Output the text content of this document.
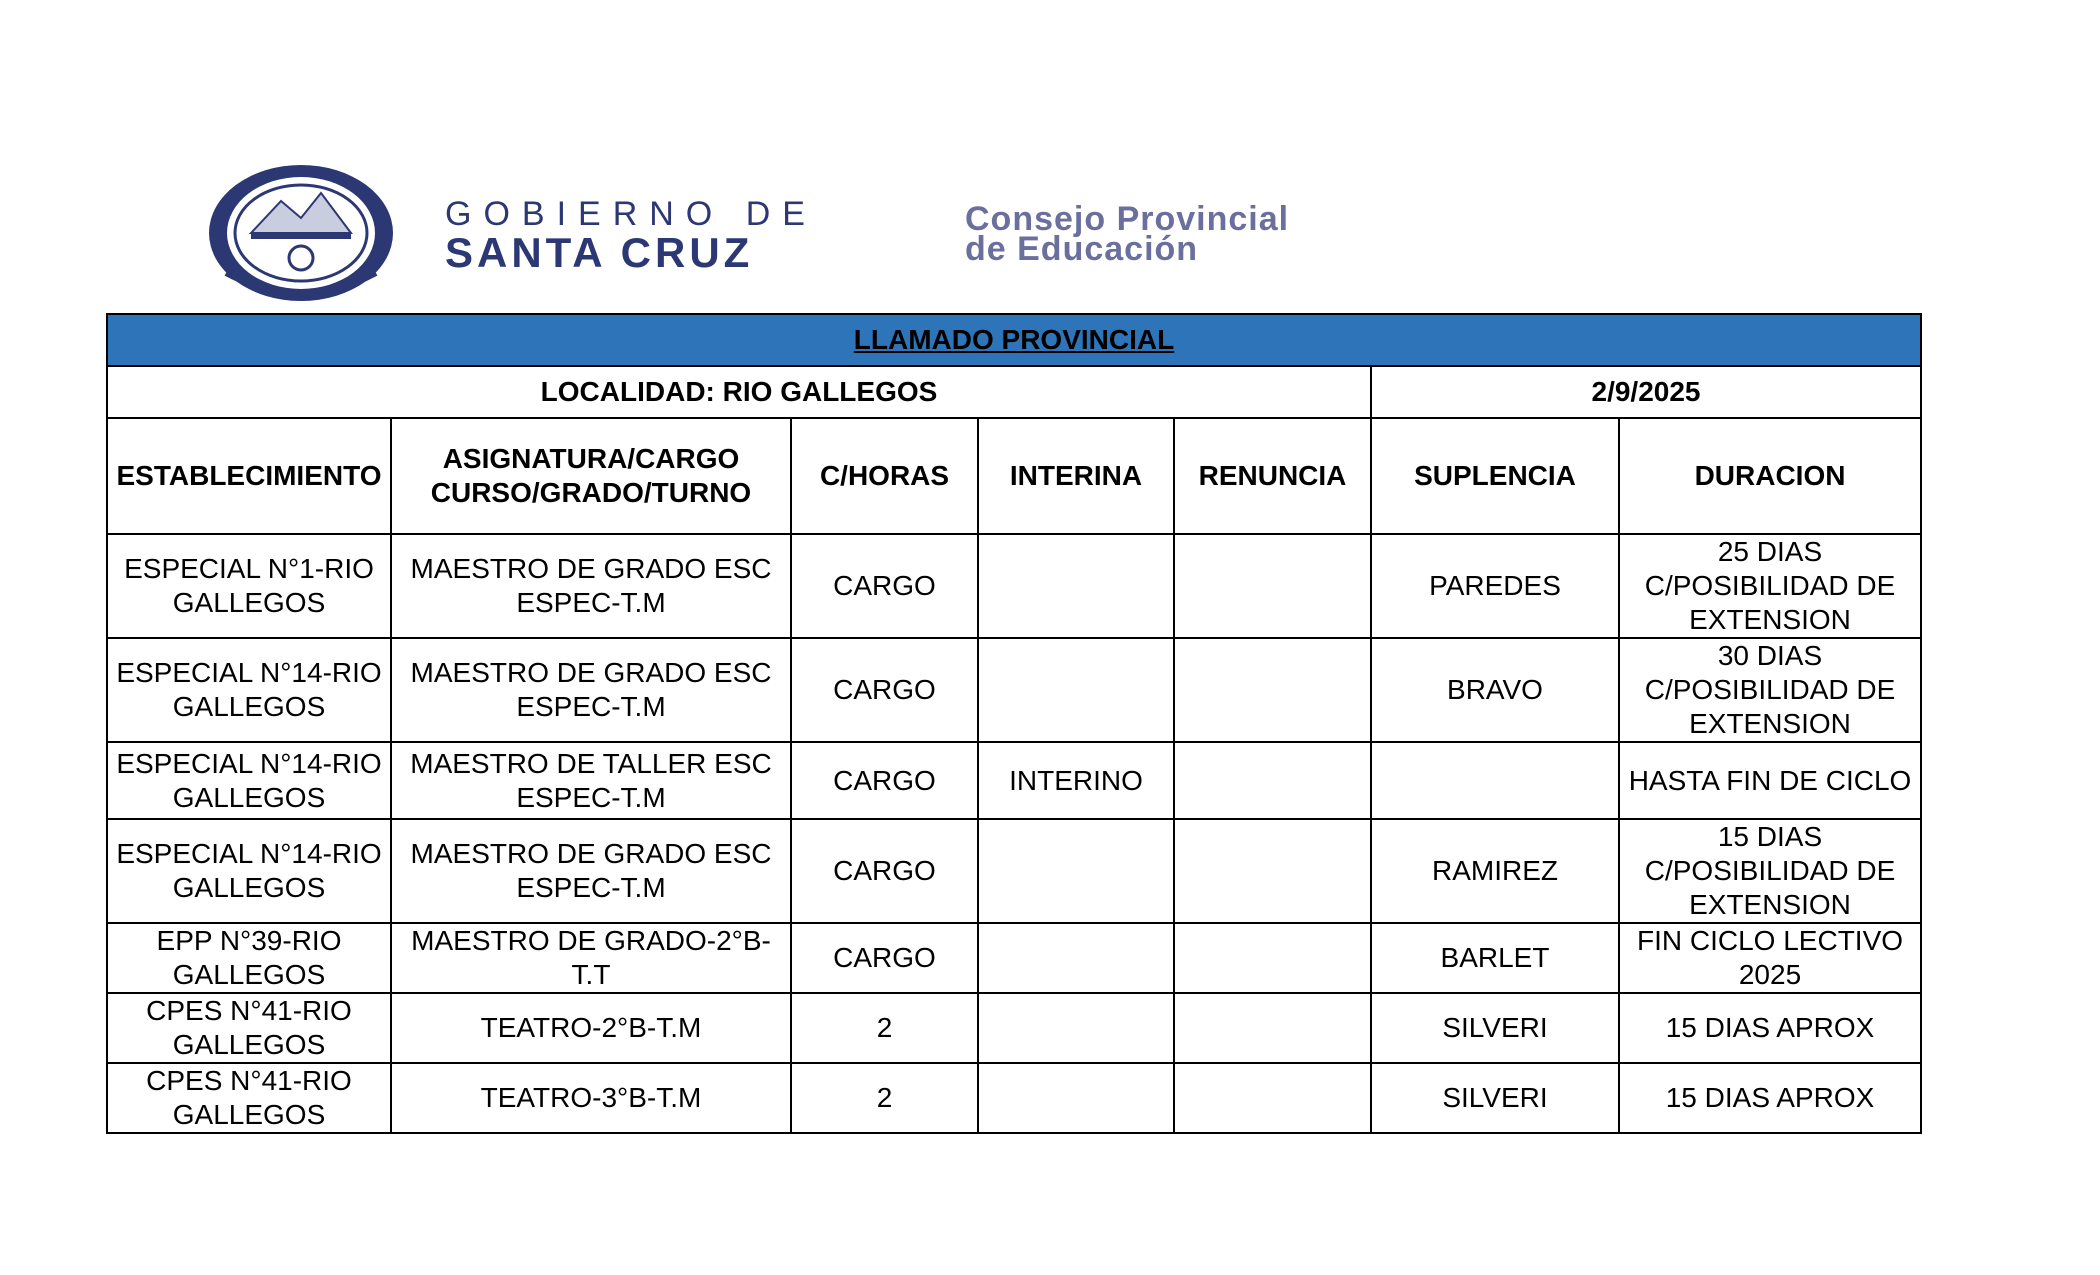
GOBIERNO DE
SANTA CRUZ
Consejo Provincial
de Educación
LLAMADO PROVINCIAL						
LOCALIDAD: RIO GALLEGOS					2/9/2025	
ESTABLECIMIENTO	ASIGNATURA/CARGO CURSO/GRADO/TURNO	C/HORAS	INTERINA	RENUNCIA	SUPLENCIA	DURACION
ESPECIAL N°1-RIO GALLEGOS	MAESTRO DE GRADO ESC ESPEC-T.M	CARGO			PAREDES	25 DIAS C/POSIBILIDAD DE EXTENSION
ESPECIAL N°14-RIO GALLEGOS	MAESTRO DE GRADO ESC ESPEC-T.M	CARGO			BRAVO	30 DIAS C/POSIBILIDAD DE EXTENSION
ESPECIAL N°14-RIO GALLEGOS	MAESTRO DE TALLER ESC ESPEC-T.M	CARGO	INTERINO			HASTA FIN DE CICLO
ESPECIAL N°14-RIO GALLEGOS	MAESTRO DE GRADO ESC ESPEC-T.M	CARGO			RAMIREZ	15 DIAS C/POSIBILIDAD DE EXTENSION
EPP N°39-RIO GALLEGOS	MAESTRO DE GRADO-2°B-T.T	CARGO			BARLET	FIN CICLO LECTIVO 2025
CPES N°41-RIO GALLEGOS	TEATRO-2°B-T.M	2			SILVERI	15 DIAS APROX
CPES N°41-RIO GALLEGOS	TEATRO-3°B-T.M	2			SILVERI	15 DIAS APROX
